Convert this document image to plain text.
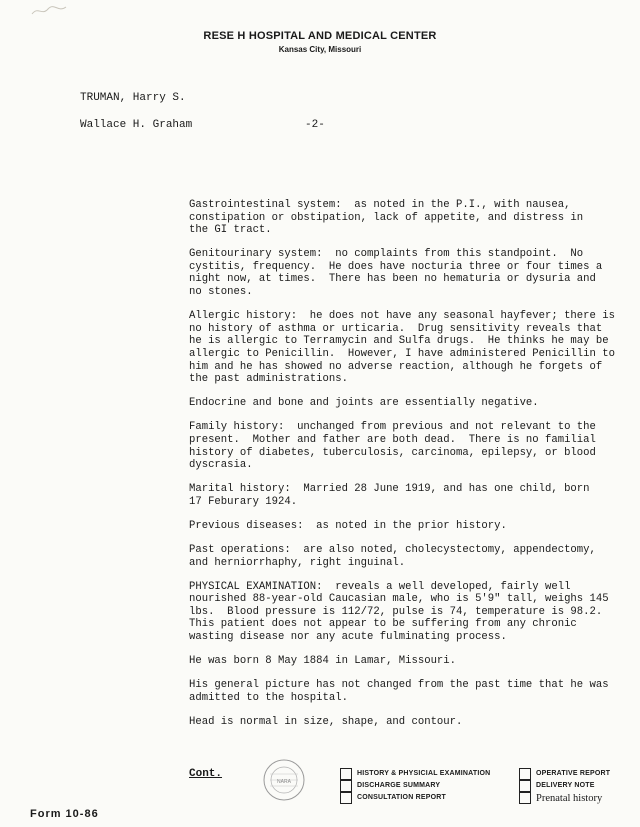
RESE H HOSPITAL AND MEDICAL CENTER
Kansas City, Missouri
TRUMAN, Harry S.
Wallace H. Graham	-2-

Gastrointestinal system:  as noted in the P.I., with nausea,
constipation or obstipation, lack of appetite, and distress in
the GI tract.

Genitourinary system:  no complaints from this standpoint.  No
cystitis, frequency.  He does have nocturia three or four times a
night now, at times.  There has been no hematuria or dysuria and
no stones.

Allergic history:  he does not have any seasonal hayfever; there is
no history of asthma or urticaria.  Drug sensitivity reveals that
he is allergic to Terramycin and Sulfa drugs.  He thinks he may be
allergic to Penicillin.  However, I have administered Penicillin to
him and he has showed no adverse reaction, although he forgets of
the past administrations.

Endocrine and bone and joints are essentially negative.

Family history:  unchanged from previous and not relevant to the
present.  Mother and father are both dead.  There is no familial
history of diabetes, tuberculosis, carcinoma, epilepsy, or blood
dyscrasia.

Marital history:  Married 28 June 1919, and has one child, born
17 Feburary 1924.

Previous diseases:  as noted in the prior history.

Past operations:  are also noted, cholecystectomy, appendectomy,
and herniorrhaphy, right inguinal.

PHYSICAL EXAMINATION:  reveals a well developed, fairly well
nourished 88-year-old Caucasian male, who is 5'9" tall, weighs 145
lbs.  Blood pressure is 112/72, pulse is 74, temperature is 98.2.
This patient does not appear to be suffering from any chronic
wasting disease nor any acute fulminating process.

He was born 8 May 1884 in Lamar, Missouri.

His general picture has not changed from the past time that he was
admitted to the hospital.

Head is normal in size, shape, and contour.

Cont.
NARA
HISTORY & PHYSICIAL EXAMINATION
DISCHARGE SUMMARY
CONSULTATION REPORT
OPERATIVE REPORT
DELIVERY NOTE
Prenatal history
Form 10-86
